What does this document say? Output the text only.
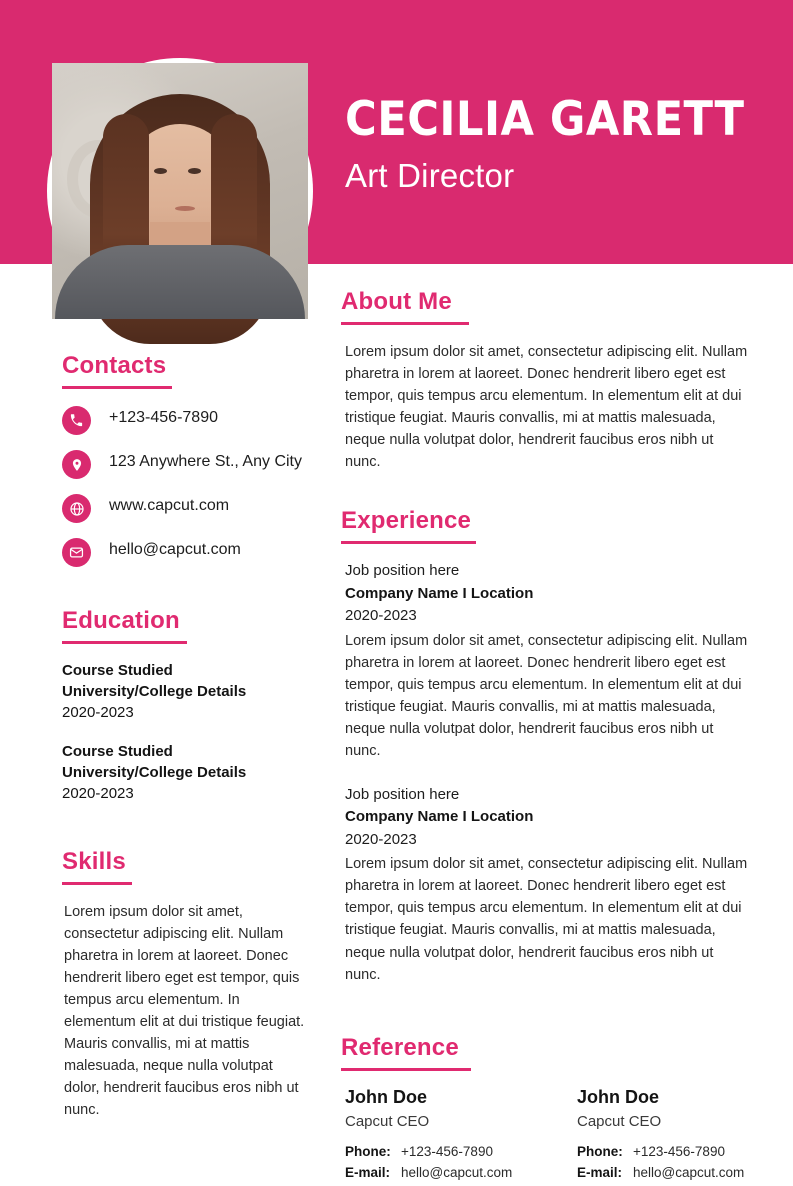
CECILIA GARETT
Art Director
Contacts
+123-456-7890
123 Anywhere St., Any City
www.capcut.com
hello@capcut.com
Education
Course Studied
University/College Details
2020-2023
Course Studied
University/College Details
2020-2023
Skills
Lorem ipsum dolor sit amet, consectetur adipiscing elit. Nullam pharetra in lorem at laoreet. Donec hendrerit libero eget est tempor, quis tempus arcu elementum. In elementum elit at dui tristique feugiat. Mauris convallis, mi at mattis malesuada, neque nulla volutpat dolor, hendrerit faucibus eros nibh ut nunc.
About Me
Lorem ipsum dolor sit amet, consectetur adipiscing elit. Nullam pharetra in lorem at laoreet. Donec hendrerit libero eget est tempor, quis tempus arcu elementum. In elementum elit at dui tristique feugiat. Mauris convallis, mi at mattis malesuada, neque nulla volutpat dolor, hendrerit faucibus eros nibh ut nunc.
Experience
Job position here
Company Name I Location
2020-2023
Lorem ipsum dolor sit amet, consectetur adipiscing elit. Nullam pharetra in lorem at laoreet. Donec hendrerit libero eget est tempor, quis tempus arcu elementum. In elementum elit at dui tristique feugiat. Mauris convallis, mi at mattis malesuada, neque nulla volutpat dolor, hendrerit faucibus eros nibh ut nunc.
Job position here
Company Name I Location
2020-2023
Lorem ipsum dolor sit amet, consectetur adipiscing elit. Nullam pharetra in lorem at laoreet. Donec hendrerit libero eget est tempor, quis tempus arcu elementum. In elementum elit at dui tristique feugiat. Mauris convallis, mi at mattis malesuada, neque nulla volutpat dolor, hendrerit faucibus eros nibh ut nunc.
Reference
John Doe
Capcut CEO
Phone: +123-456-7890
E-mail: hello@capcut.com
John Doe
Capcut CEO
Phone: +123-456-7890
E-mail: hello@capcut.com
